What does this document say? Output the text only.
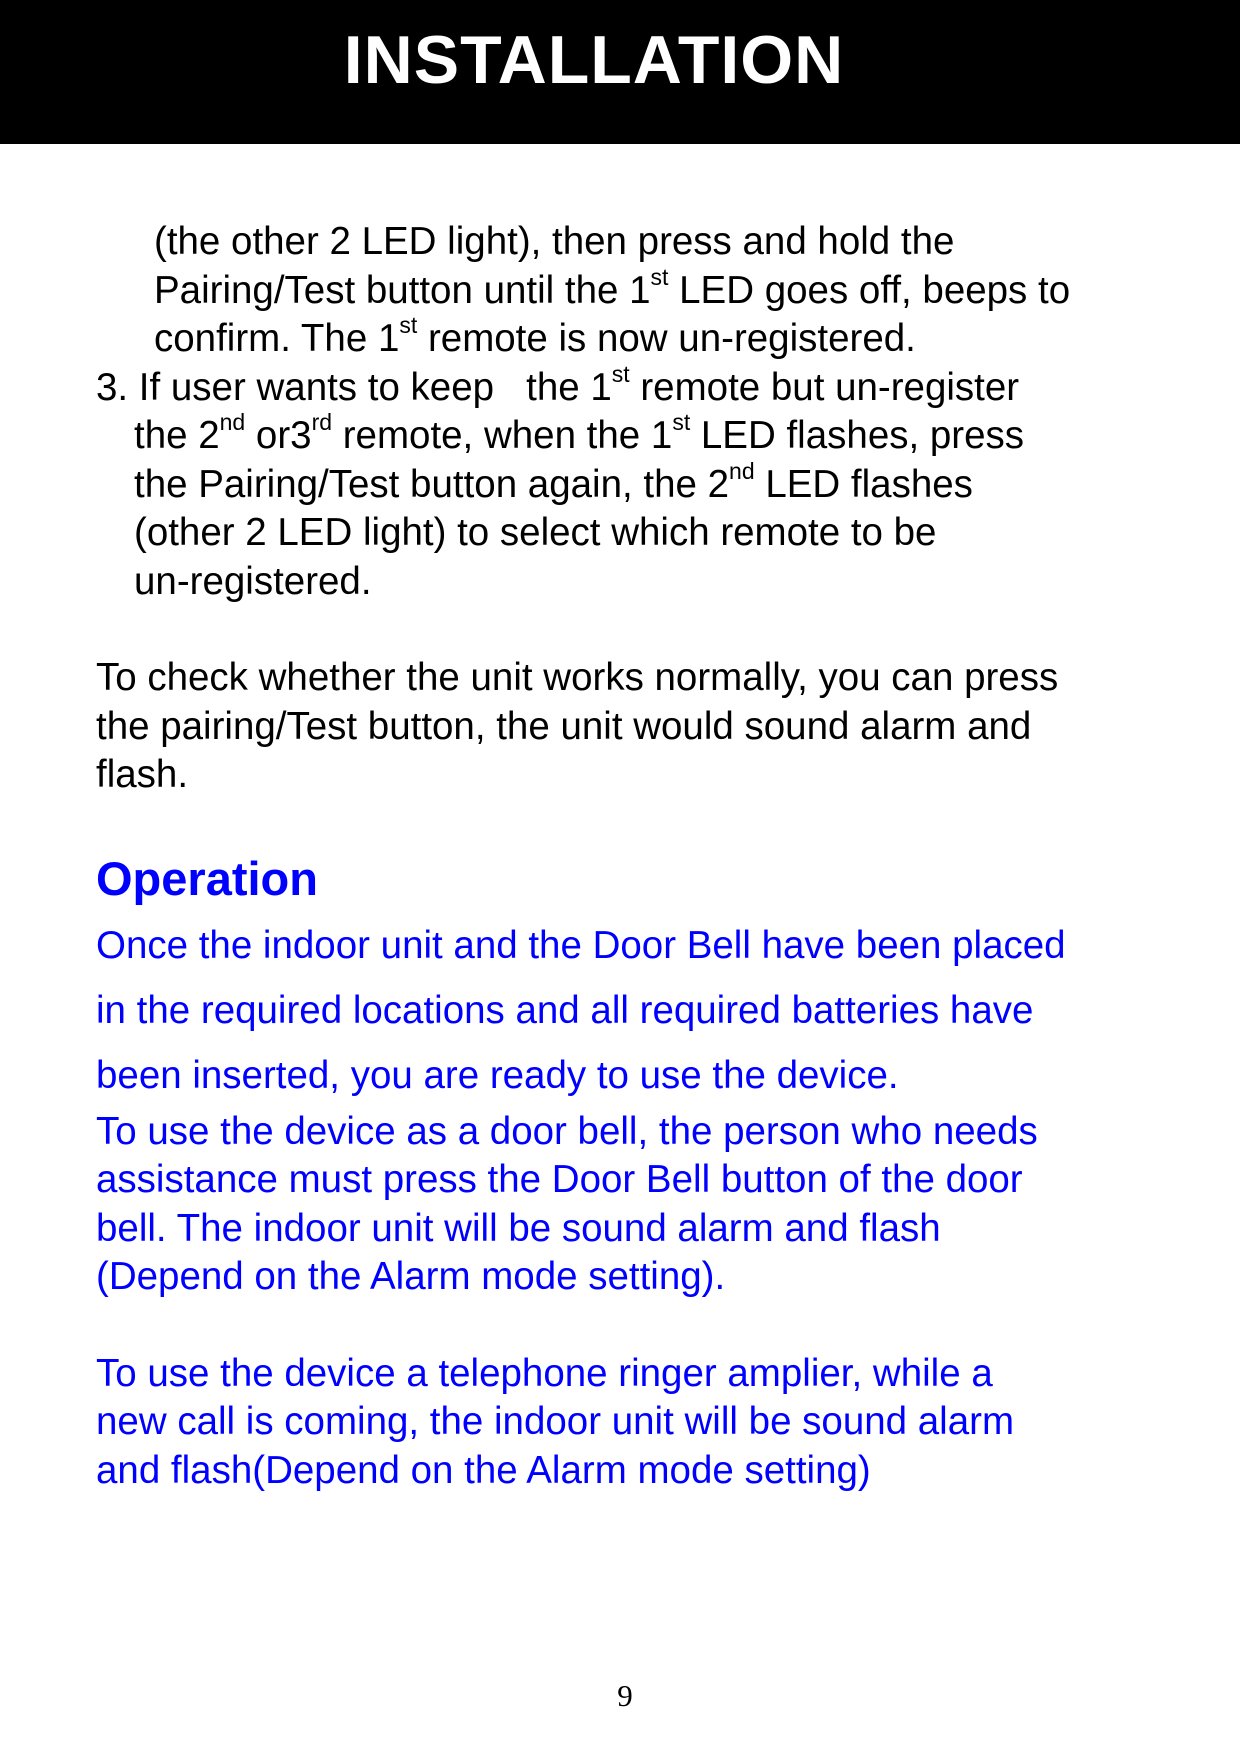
INSTALLATION

(the other 2 LED light), then press and hold the

Pairing/Test button until the 1st LED goes off, beeps to

confirm. The 1st remote is now un-registered.

3. If user wants to keep   the 1st remote but un-register

the 2nd or3rd remote, when the 1st LED flashes, press

the Pairing/Test button again, the 2nd LED flashes

(other 2 LED light) to select which remote to be

un-registered.

To check whether the unit works normally, you can press

the pairing/Test button, the unit would sound alarm and

flash.

Operation

Once the indoor unit and the Door Bell have been placed

in the required locations and all required batteries have

been inserted, you are ready to use the device.

To use the device as a door bell, the person who needs

assistance must press the Door Bell button of the door

bell. The indoor unit will be sound alarm and flash

(Depend on the Alarm mode setting).

To use the device a telephone ringer amplier, while a

new call is coming, the indoor unit will be sound alarm

and flash(Depend on the Alarm mode setting)

9
